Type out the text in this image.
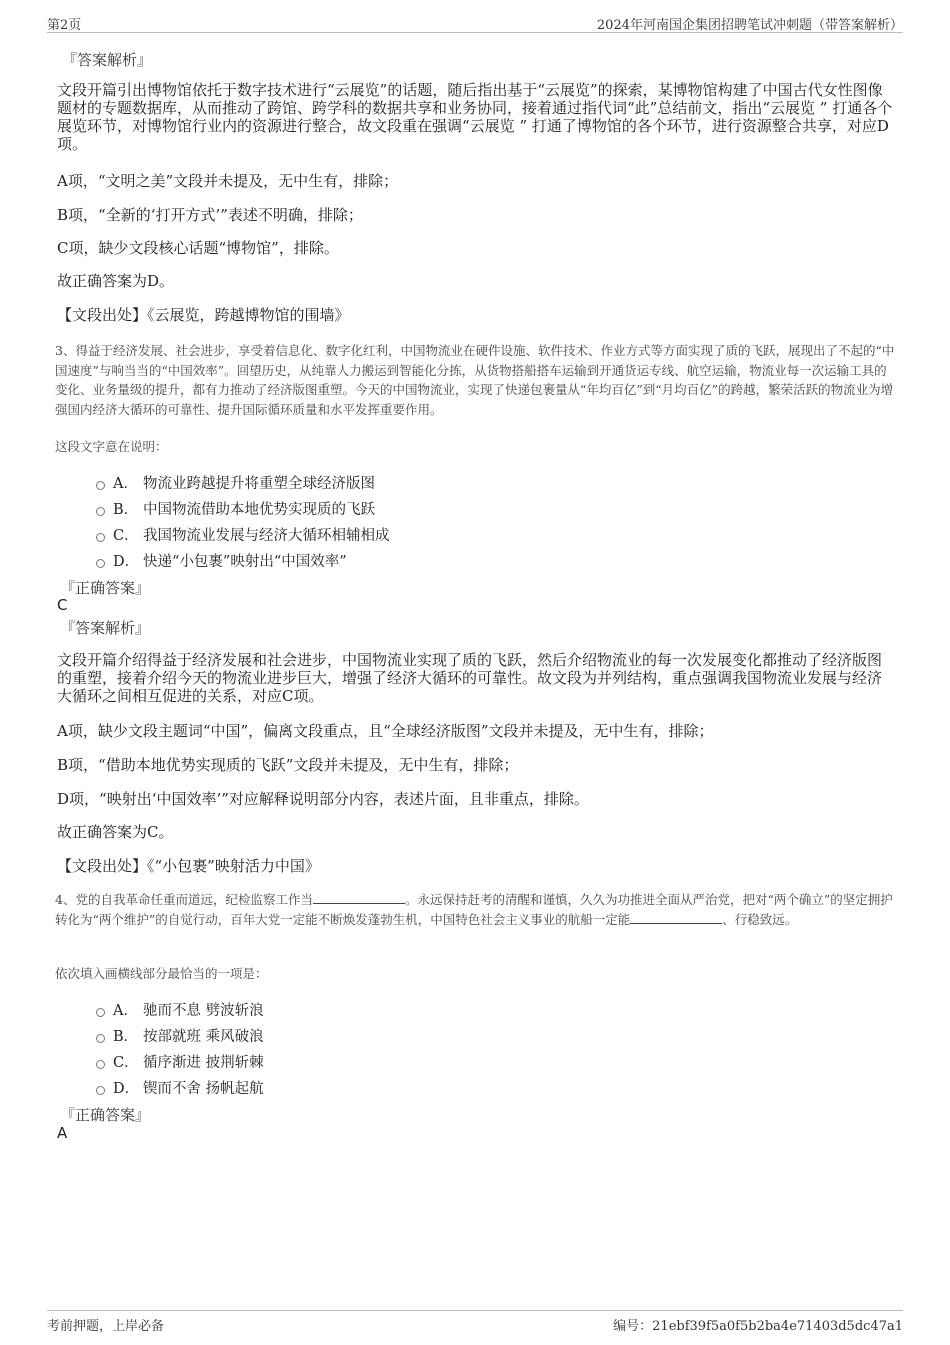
第2页	2024年河南国企集团招聘笔试冲刺题（带答案解析）
『答案解析』
文段开篇引出博物馆依托于数字技术进行“云展览”的话题，随后指出基于“云展览”的探索，某博物馆构建了中国古代女性图像题材的专题数据库，从而推动了跨馆、跨学科的数据共享和业务协同，接着通过指代词“此”总结前文，指出“云展览 ” 打通各个展览环节，对博物馆行业内的资源进行整合，故文段重在强调“云展览 ” 打通了博物馆的各个环节，进行资源整合共享，对应D项。
A项，“文明之美”文段并未提及，无中生有，排除；
B项，“全新的‘打开方式’”表述不明确，排除；
C项，缺少文段核心话题“博物馆”，排除。
故正确答案为D。
【文段出处】《云展览，跨越博物馆的围墙》
3、得益于经济发展、社会进步，享受着信息化、数字化红利，中国物流业在硬件设施、软件技术、作业方式等方面实现了质的飞跃，展现出了不起的“中国速度”与响当当的“中国效率”。回望历史，从纯靠人力搬运到智能化分拣，从货物搭船搭车运输到开通货运专线、航空运输，物流业每一次运输工具的变化、业务量级的提升，都有力推动了经济版图重塑。今天的中国物流业，实现了快递包裹量从“年均百亿”到“月均百亿”的跨越，繁荣活跃的物流业为增强国内经济大循环的可靠性、提升国际循环质量和水平发挥重要作用。
这段文字意在说明：
A． 物流业跨越提升将重塑全球经济版图
B． 中国物流借助本地优势实现质的飞跃
C． 我国物流业发展与经济大循环相辅相成
D． 快递“小包裹”映射出“中国效率”
『正确答案』
C
『答案解析』
文段开篇介绍得益于经济发展和社会进步，中国物流业实现了质的飞跃，然后介绍物流业的每一次发展变化都推动了经济版图的重塑，接着介绍今天的物流业进步巨大，增强了经济大循环的可靠性。故文段为并列结构，重点强调我国物流业发展与经济大循环之间相互促进的关系，对应C项。
A项，缺少文段主题词“中国”，偏离文段重点，且“全球经济版图”文段并未提及，无中生有，排除；
B项，“借助本地优势实现质的飞跃”文段并未提及，无中生有，排除；
D项，“映射出‘中国效率’”对应解释说明部分内容，表述片面，且非重点，排除。
故正确答案为C。
【文段出处】《“小包裹”映射活力中国》
4、党的自我革命任重而道远，纪检监察工作当	。永远保持赶考的清醒和谨慎，久久为功推进全面从严治党，把对“两个确立”的坚定拥护转化为“两个维护”的自觉行动，百年大党一定能不断焕发蓬勃生机，中国特色社会主义事业的航船一定能	、行稳致远。
依次填入画横线部分最恰当的一项是：
A． 驰而不息 劈波斩浪
B． 按部就班 乘风破浪
C． 循序渐进 披荆斩棘
D． 锲而不舍 扬帆起航
『正确答案』
A
考前押题，上岸必备	编号：21ebf39f5a0f5b2ba4e71403d5dc47a1
